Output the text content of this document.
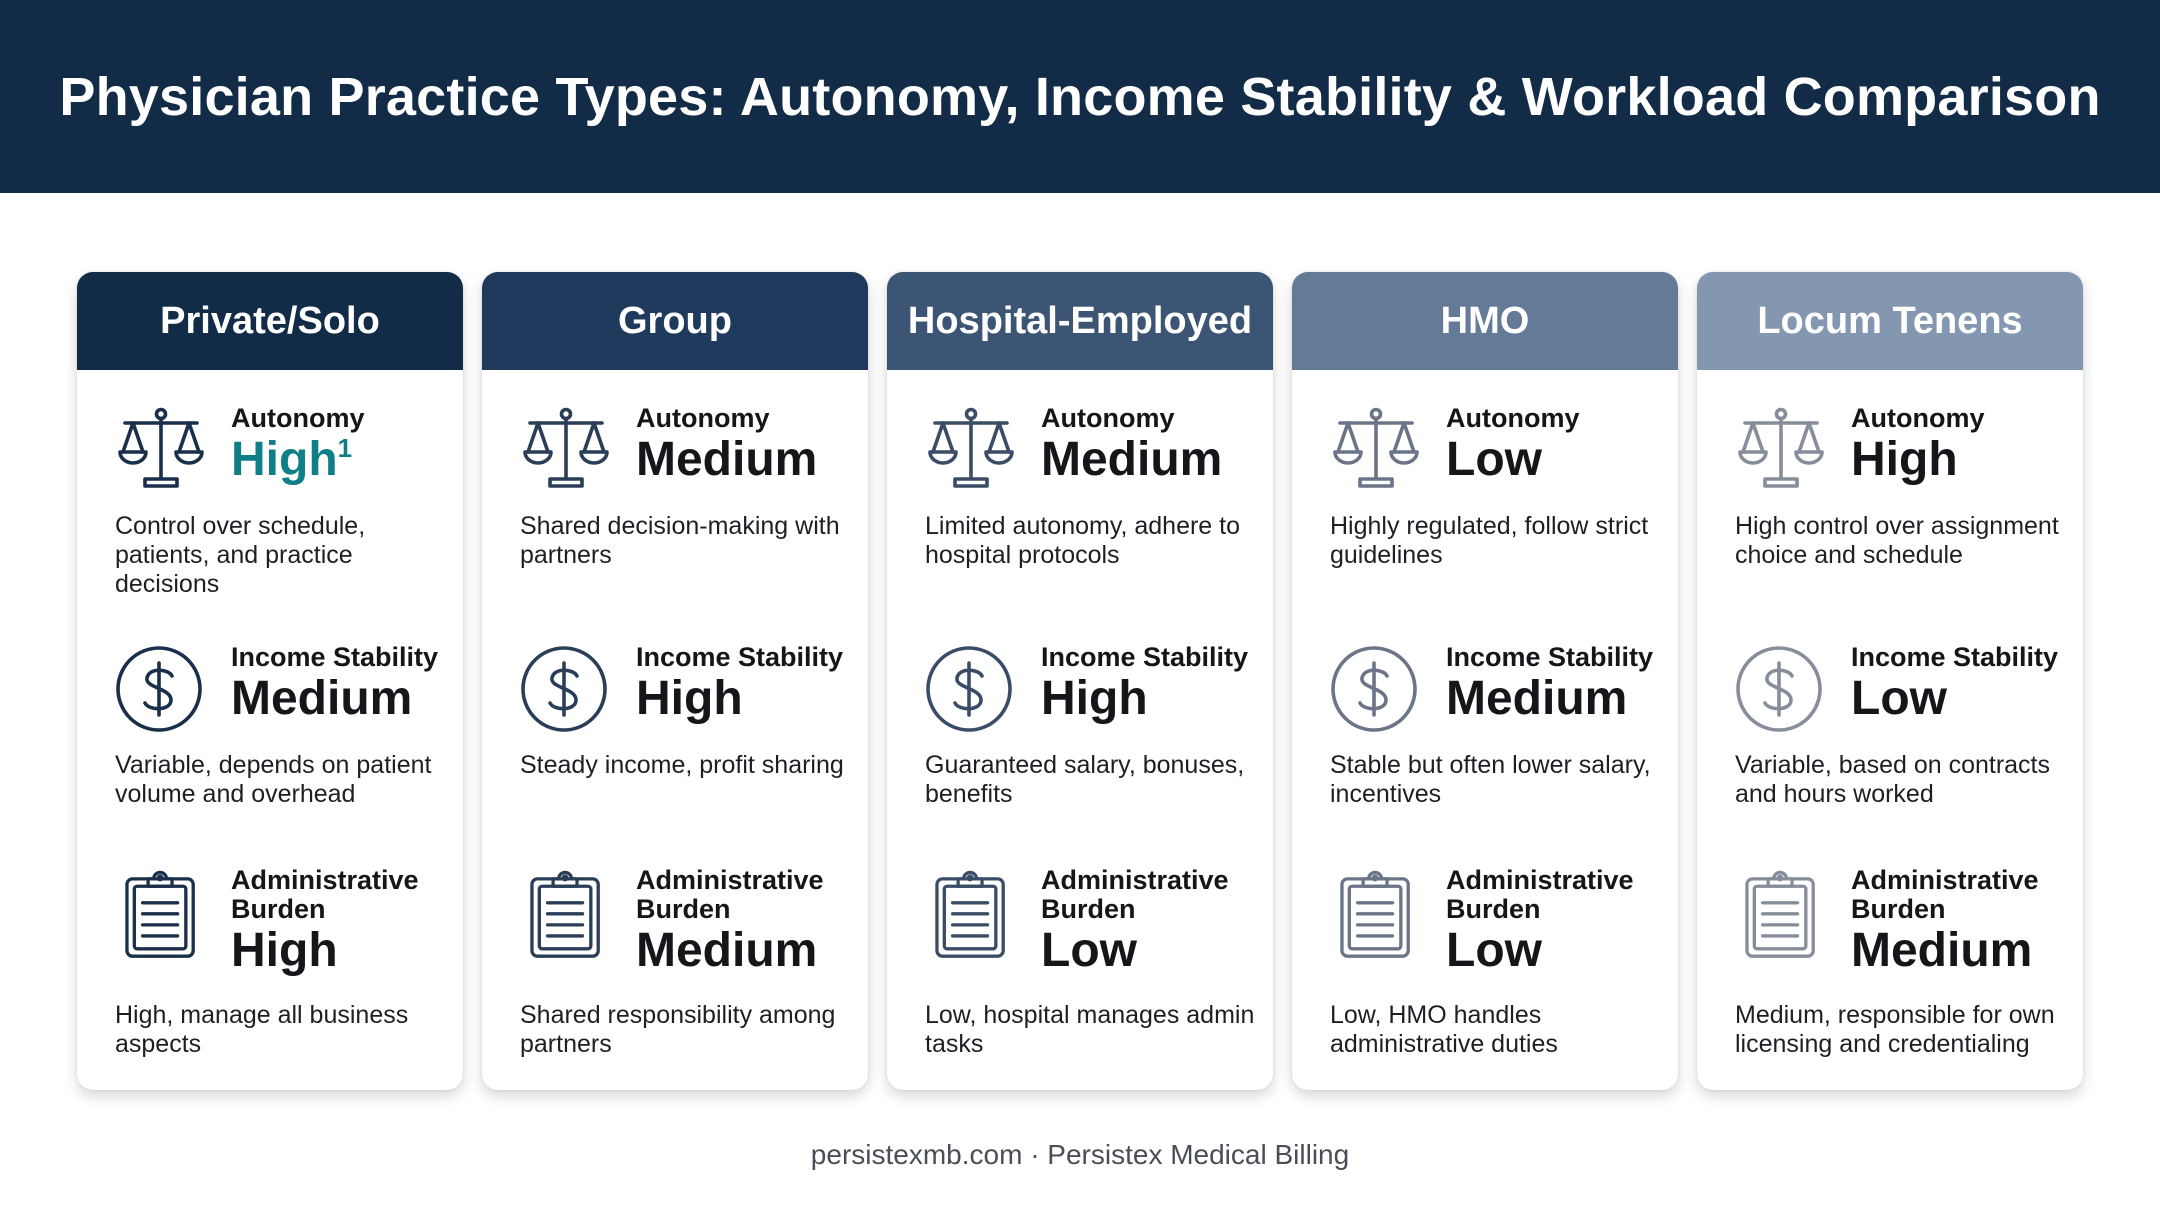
Physician Practice Types: Autonomy, Income Stability & Workload Comparison
Private/Solo
Autonomy
High$^1$
Control over schedule, patients, and practice decisions
Income Stability
Medium
Variable, depends on patient volume and overhead
Administrative Burden
High
High, manage all business aspects
Group
Autonomy
Medium
Shared decision-making with partners
Income Stability
High
Steady income, profit sharing
Administrative Burden
Medium
Shared responsibility among partners
Hospital-Employed
Autonomy
Medium
Limited autonomy, adhere to hospital protocols
Income Stability
High
Guaranteed salary, bonuses, benefits
Administrative Burden
Low
Low, hospital manages admin tasks
HMO
Autonomy
Low
Highly regulated, follow strict guidelines
Income Stability
Medium
Stable but often lower salary, incentives
Administrative Burden
Low
Low, HMO handles administrative duties
Locum Tenens
Autonomy
High
High control over assignment choice and schedule
Income Stability
Low
Variable, based on contracts and hours worked
Administrative Burden
Medium
Medium, responsible for own licensing and credentialing
persistexmb.com · Persistex Medical Billing
